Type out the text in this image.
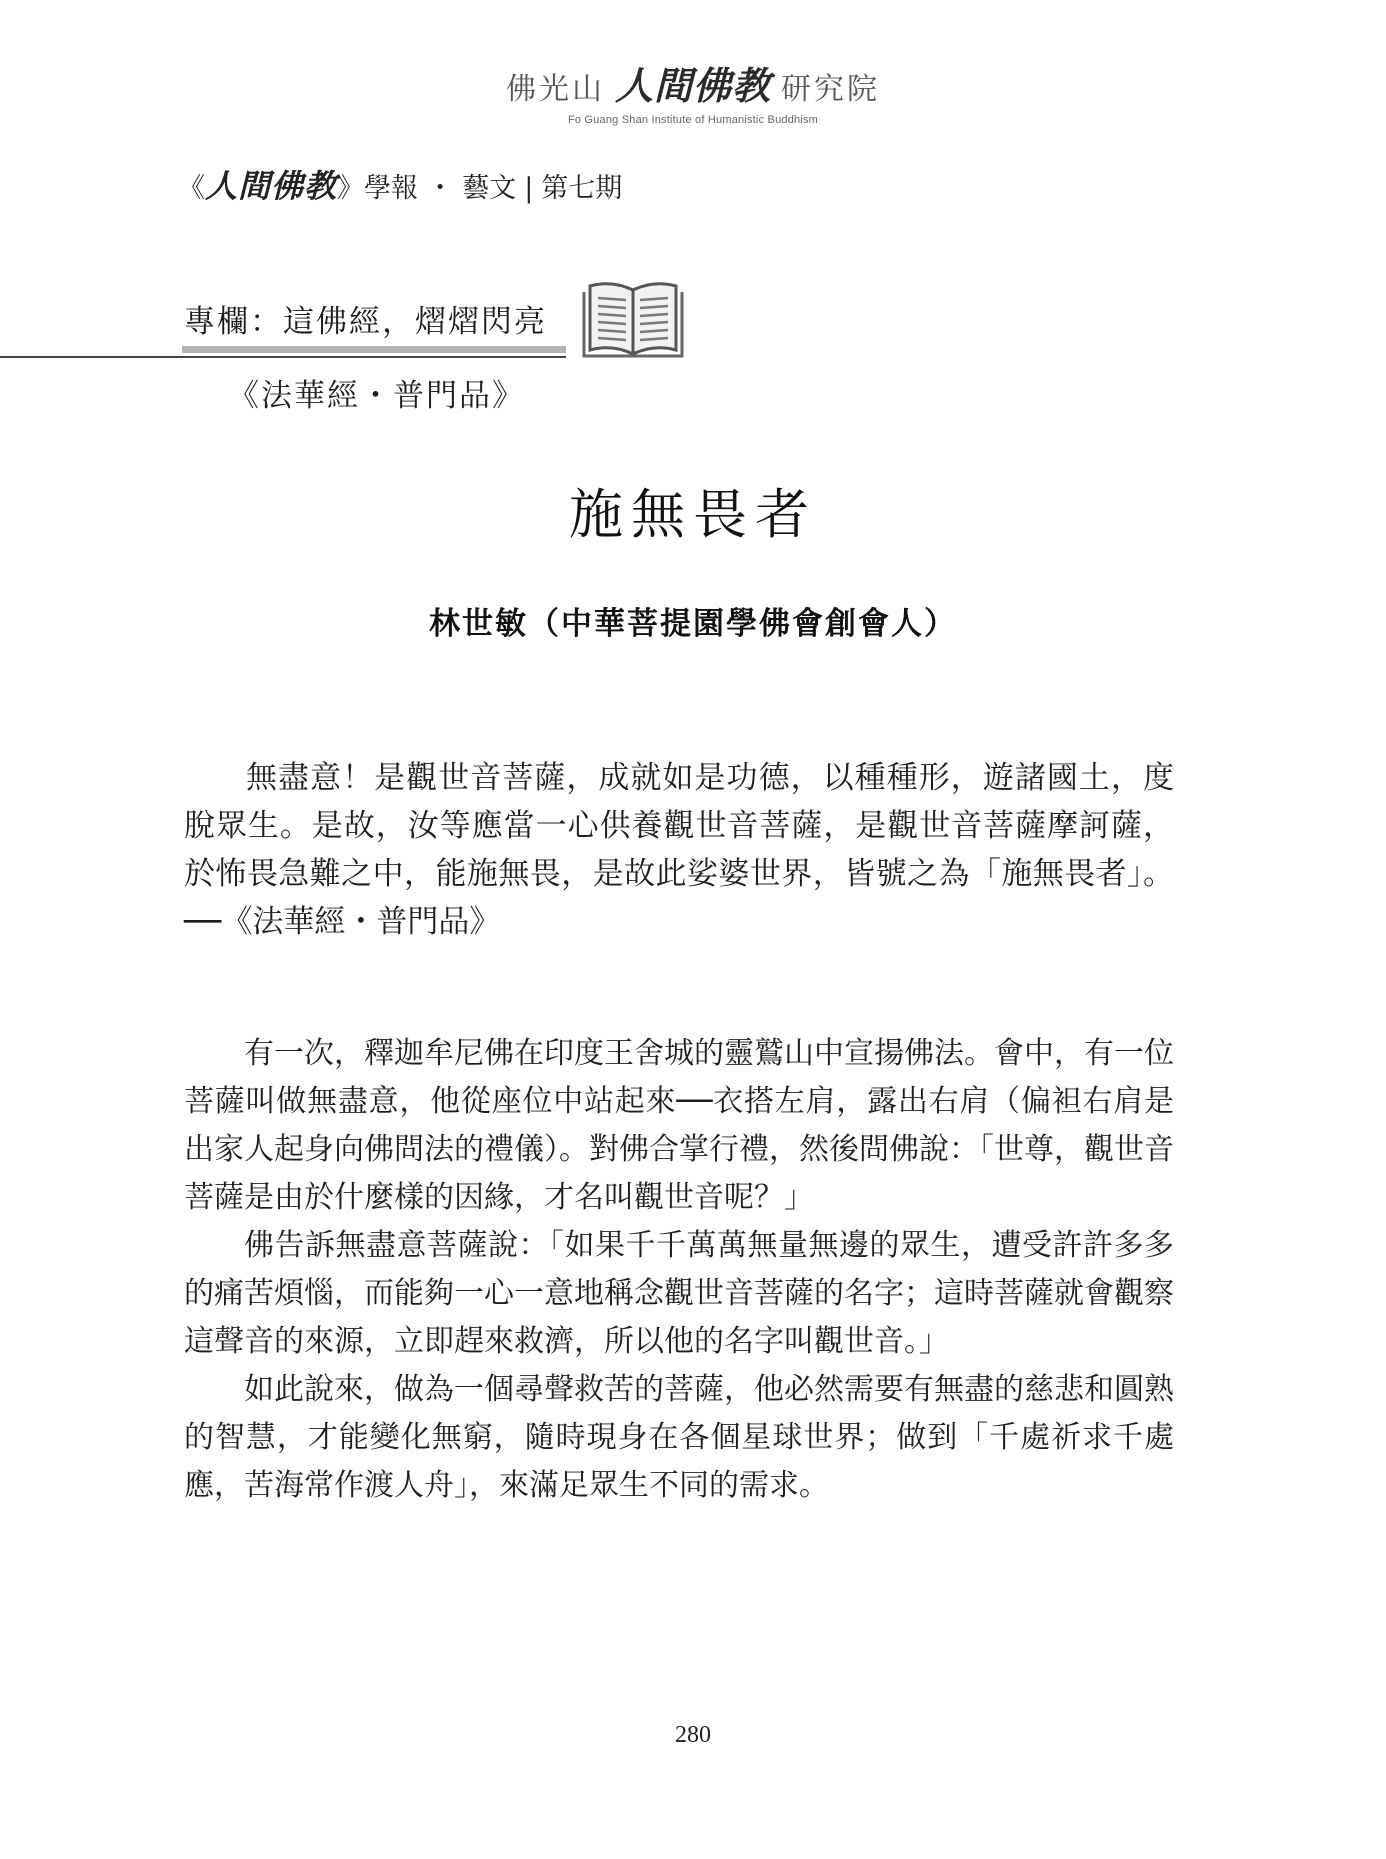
佛光山 人間佛教 研究院
Fo Guang Shan Institute of Humanistic Buddhism
《人間佛教》學報 ・ 藝文 | 第七期
專欄：這佛經，熠熠閃亮
《法華經・普門品》
施無畏者
林世敏（中華菩提園學佛會創會人）

無盡意！是觀世音菩薩，成就如是功德，以種種形，遊諸國土，度脫眾生。是故，汝等應當一心供養觀世音菩薩，是觀世音菩薩摩訶薩，於怖畏急難之中，能施無畏，是故此娑婆世界，皆號之為「施無畏者」。──《法華經・普門品》

有一次，釋迦牟尼佛在印度王舍城的靈鷲山中宣揚佛法。會中，有一位菩薩叫做無盡意，他從座位中站起來──衣搭左肩，露出右肩（偏袒右肩是出家人起身向佛問法的禮儀）。對佛合掌行禮，然後問佛說：「世尊，觀世音菩薩是由於什麼樣的因緣，才名叫觀世音呢？」

佛告訴無盡意菩薩說：「如果千千萬萬無量無邊的眾生，遭受許許多多的痛苦煩惱，而能夠一心一意地稱念觀世音菩薩的名字；這時菩薩就會觀察這聲音的來源，立即趕來救濟，所以他的名字叫觀世音。」

如此說來，做為一個尋聲救苦的菩薩，他必然需要有無盡的慈悲和圓熟的智慧，才能變化無窮，隨時現身在各個星球世界；做到「千處祈求千處應，苦海常作渡人舟」，來滿足眾生不同的需求。

280
